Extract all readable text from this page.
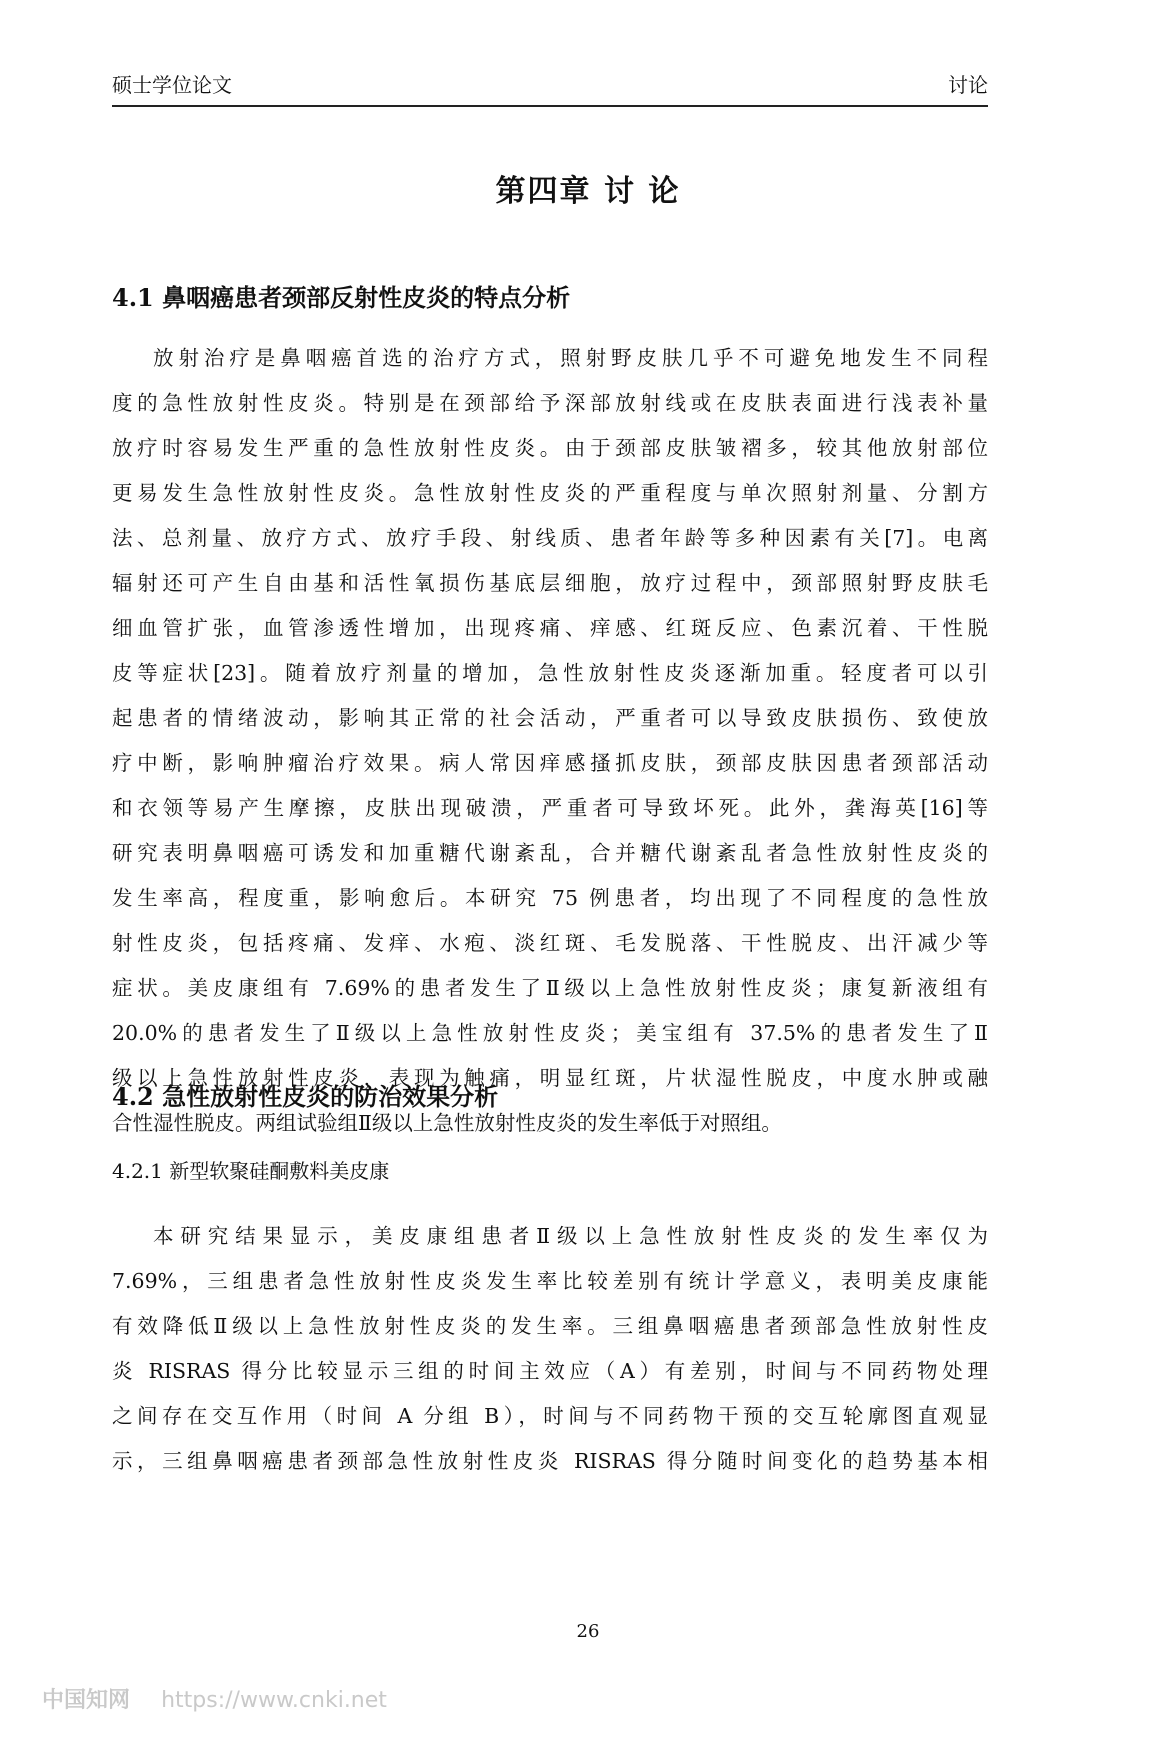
硕士学位论文	讨论
第四章 讨 论
4.1 鼻咽癌患者颈部反射性皮炎的特点分析
放射治疗是鼻咽癌首选的治疗方式，照射野皮肤几乎不可避免地发生不同程
度的急性放射性皮炎。特别是在颈部给予深部放射线或在皮肤表面进行浅表补量
放疗时容易发生严重的急性放射性皮炎。由于颈部皮肤皱褶多，较其他放射部位
更易发生急性放射性皮炎。急性放射性皮炎的严重程度与单次照射剂量、分割方
法、总剂量、放疗方式、放疗手段、射线质、患者年龄等多种因素有关[7]。电离
辐射还可产生自由基和活性氧损伤基底层细胞，放疗过程中，颈部照射野皮肤毛
细血管扩张，血管渗透性增加，出现疼痛、痒感、红斑反应、色素沉着、干性脱
皮等症状[23]。随着放疗剂量的增加，急性放射性皮炎逐渐加重。轻度者可以引
起患者的情绪波动，影响其正常的社会活动，严重者可以导致皮肤损伤、致使放
疗中断，影响肿瘤治疗效果。病人常因痒感搔抓皮肤，颈部皮肤因患者颈部活动
和衣领等易产生摩擦，皮肤出现破溃，严重者可导致坏死。此外，龚海英[16]等
研究表明鼻咽癌可诱发和加重糖代谢紊乱，合并糖代谢紊乱者急性放射性皮炎的
发生率高，程度重，影响愈后。本研究 75 例患者，均出现了不同程度的急性放
射性皮炎，包括疼痛、发痒、水疱、淡红斑、毛发脱落、干性脱皮、出汗减少等
症状。美皮康组有 7.69%的患者发生了Ⅱ级以上急性放射性皮炎；康复新液组有
20.0%的患者发生了Ⅱ级以上急性放射性皮炎；美宝组有 37.5%的患者发生了Ⅱ
级以上急性放射性皮炎，表现为触痛，明显红斑，片状湿性脱皮，中度水肿或融
合性湿性脱皮。两组试验组Ⅱ级以上急性放射性皮炎的发生率低于对照组。
4.2 急性放射性皮炎的防治效果分析
4.2.1 新型软聚硅酮敷料美皮康
本研究结果显示，美皮康组患者Ⅱ级以上急性放射性皮炎的发生率仅为
7.69%，三组患者急性放射性皮炎发生率比较差别有统计学意义，表明美皮康能
有效降低Ⅱ级以上急性放射性皮炎的发生率。三组鼻咽癌患者颈部急性放射性皮
炎 RISRAS 得分比较显示三组的时间主效应（A）有差别，时间与不同药物处理
之间存在交互作用（时间 A 分组 B），时间与不同药物干预的交互轮廓图直观显
示，三组鼻咽癌患者颈部急性放射性皮炎 RISRAS 得分随时间变化的趋势基本相
26
中国知网 https://www.cnki.net
